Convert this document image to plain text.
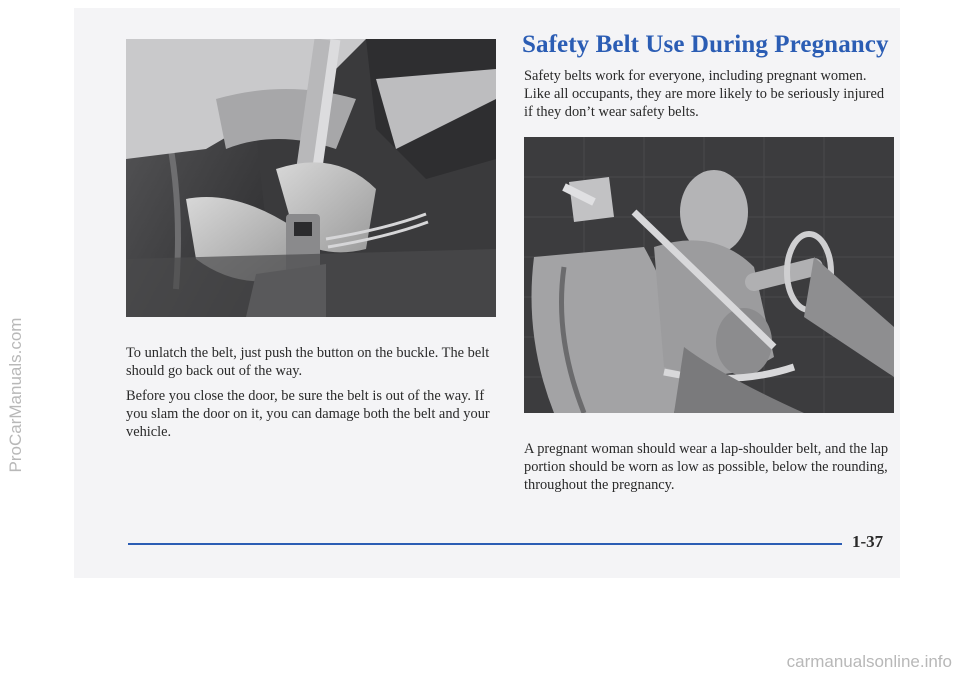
ProCarManuals.com
Safety Belt Use During Pregnancy

Safety belts work for everyone, including pregnant women. Like all occupants, they are more likely to be seriously injured if they don’t wear safety belts.

To unlatch the belt, just push the button on the buckle. The belt should go back out of the way.

Before you close the door, be sure the belt is out of the way. If you slam the door on it, you can damage both the belt and your vehicle.

A pregnant woman should wear a lap-shoulder belt, and the lap portion should be worn as low as possible, below the rounding, throughout the pregnancy.

1-37
carmanualsonline.info
